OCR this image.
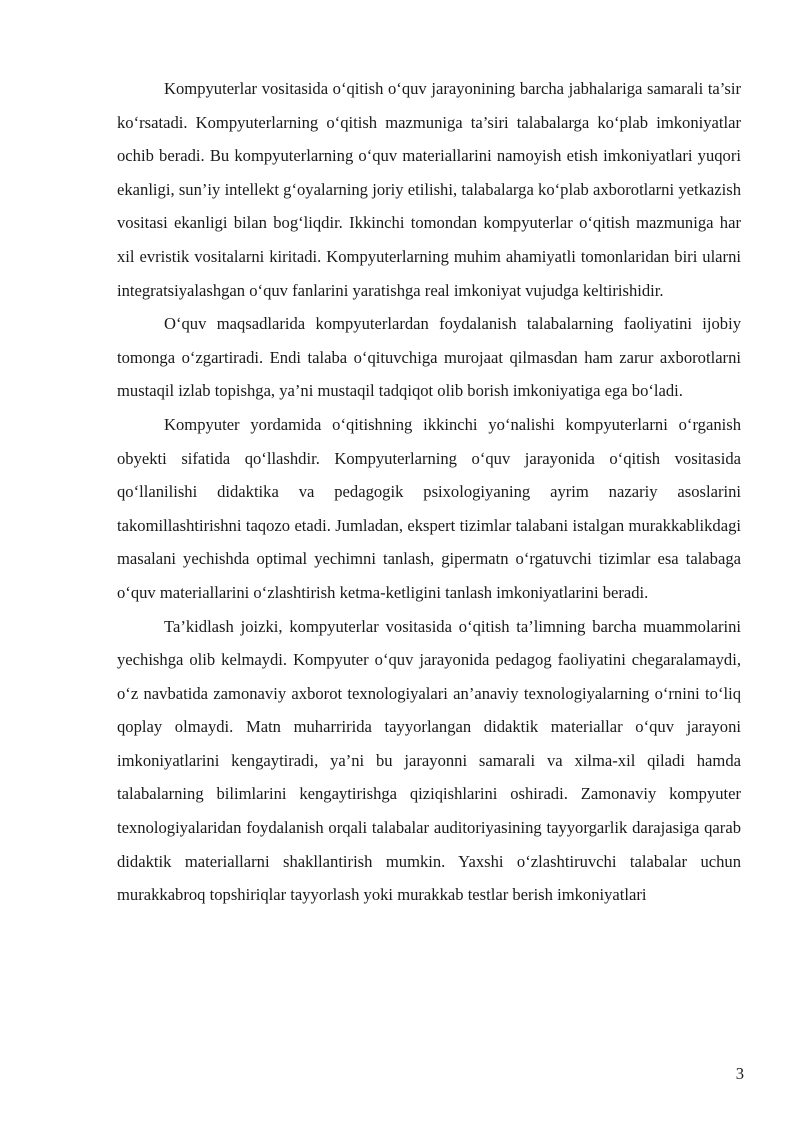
Kompyuterlar vositasida o‘qitish o‘quv jarayonining barcha jabhalariga samarali ta’sir ko‘rsatadi. Kompyuterlarning o‘qitish mazmuniga ta’siri talabalarga ko‘plab imkoniyatlar ochib beradi. Bu kompyuterlarning o‘quv materiallarini namoyish etish imkoniyatlari yuqori ekanligi, sun’iy intellekt g‘oyalarning joriy etilishi, talabalarga ko‘plab axborotlarni yetkazish vositasi ekanligi bilan bog‘liqdir. Ikkinchi tomondan kompyuterlar o‘qitish mazmuniga har xil evristik vositalarni kiritadi. Kompyuterlarning muhim ahamiyatli tomonlaridan biri ularni integratsiyalashgan o‘quv fanlarini yaratishga real imkoniyat vujudga keltirishidir.

O‘quv maqsadlarida kompyuterlardan foydalanish talabalarning faoliyatini ijobiy tomonga o‘zgartiradi. Endi talaba o‘qituvchiga murojaat qilmasdan ham zarur axborotlarni mustaqil izlab topishga, ya’ni mustaqil tadqiqot olib borish imkoniyatiga ega bo‘ladi.

Kompyuter yordamida o‘qitishning ikkinchi yo‘nalishi kompyuterlarni o‘rganish obyekti sifatida qo‘llashdir. Kompyuterlarning o‘quv jarayonida o‘qitish vositasida qo‘llanilishi didaktika va pedagogik psixologiyaning ayrim nazariy asoslarini takomillashtirishni taqozo etadi. Jumladan, ekspert tizimlar talabani istalgan murakkablikdagi masalani yechishda optimal yechimni tanlash, gipermatn o‘rgatuvchi tizimlar esa talabaga o‘quv materiallarini o‘zlashtirish ketma-ketligini tanlash imkoniyatlarini beradi.

Ta’kidlash joizki, kompyuterlar vositasida o‘qitish ta’limning barcha muammolarini yechishga olib kelmaydi. Kompyuter o‘quv jarayonida pedagog faoliyatini chegaralamaydi, o‘z navbatida zamonaviy axborot texnologiyalari an’anaviy texnologiyalarning o‘rnini to‘liq qoplay olmaydi. Matn muharririda tayyorlangan didaktik materiallar o‘quv jarayoni imkoniyatlarini kengaytiradi, ya’ni bu jarayonni samarali va xilma-xil qiladi hamda talabalarning bilimlarini kengaytirishga qiziqishlarini oshiradi. Zamonaviy kompyuter texnologiyalaridan foydalanish orqali talabalar auditoriyasining tayyorgarlik darajasiga qarab didaktik materiallarni shakllantirish mumkin. Yaxshi o‘zlashtiruvchi talabalar uchun murakkabroq topshiriqlar tayyorlash yoki murakkab testlar berish imkoniyatlari

3
